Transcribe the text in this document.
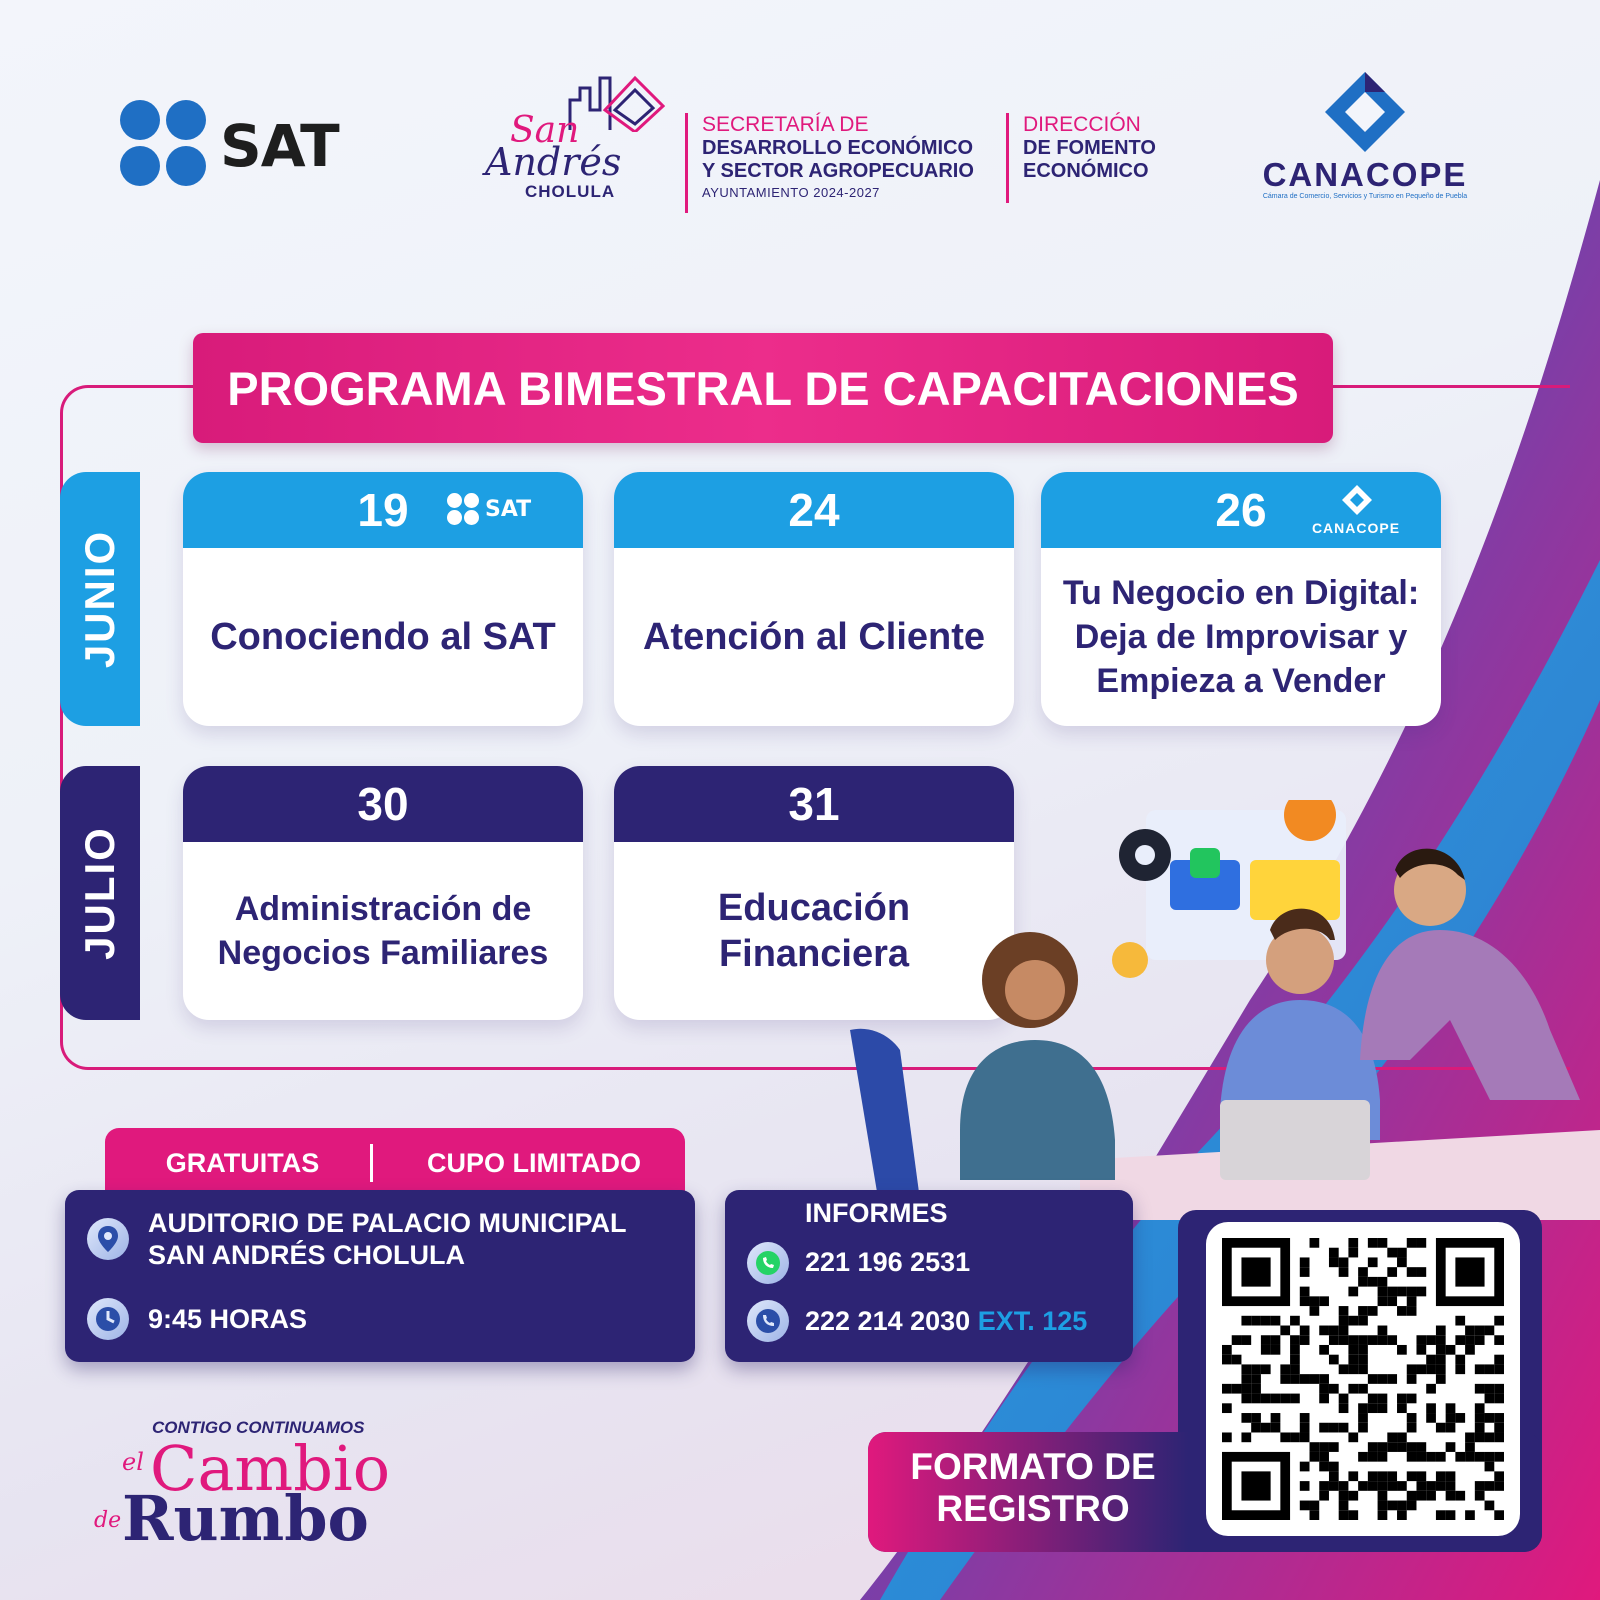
SAT	San
Andrés
CHOLULA
SECRETARÍA DE
DESARROLLO ECONÓMICO
Y SECTOR AGROPECUARIO
AYUNTAMIENTO 2024-2027
DIRECCIÓN
DE FOMENTO
ECONÓMICO	CANACOPE
Cámara de Comercio, Servicios y Turismo en Pequeño de Puebla
PROGRAMA BIMESTRAL DE CAPACITACIONES
JUNIO
JULIO
19	SAT
Conociendo al SAT
24
Atención al Cliente
26	CANACOPE
Tu Negocio en Digital: Deja de Improvisar y Empieza a Vender
30
Administración de Negocios Familiares
31
Educación Financiera
GRATUITAS	CUPO LIMITADO
AUDITORIO DE PALACIO MUNICIPAL
SAN ANDRÉS CHOLULA
9:45 HORAS
INFORMES
221 196 2531
222 214 2030 EXT. 125
CONTIGO CONTINUAMOS
el Cambio
de Rumbo
FORMATO DE
REGISTRO
